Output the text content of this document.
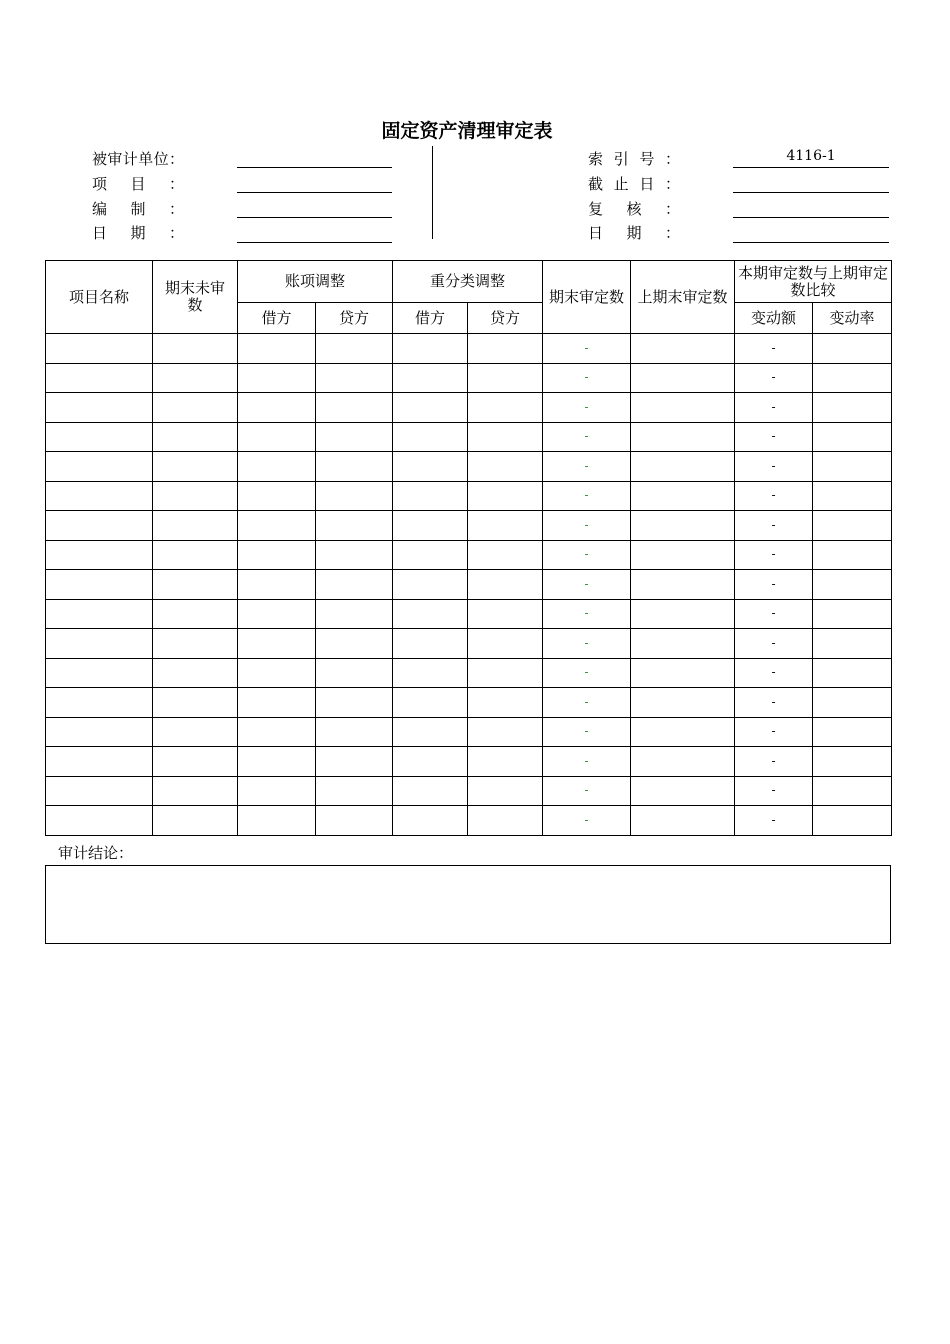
固定资产清理审定表
被 审 计 单 位 ：
项 目 ：
编 制 ：
日 期 ：
索 引 号 ：	4116-1
截 止 日 ：
复 核 ：
日 期 ：
项目名称	期末未审数	账项调整		重分类调整		期末审定数	上期末审定数	本期审定数与上期审定数比较	
		借方	贷方	借方	贷方			变动额	变动率
						-		-	
						-		-	
						-		-	
						-		-	
						-		-	
						-		-	
						-		-	
						-		-	
						-		-	
						-		-	
						-		-	
						-		-	
						-		-	
						-		-	
						-		-	
						-		-	
						-		-	
审计结论：
